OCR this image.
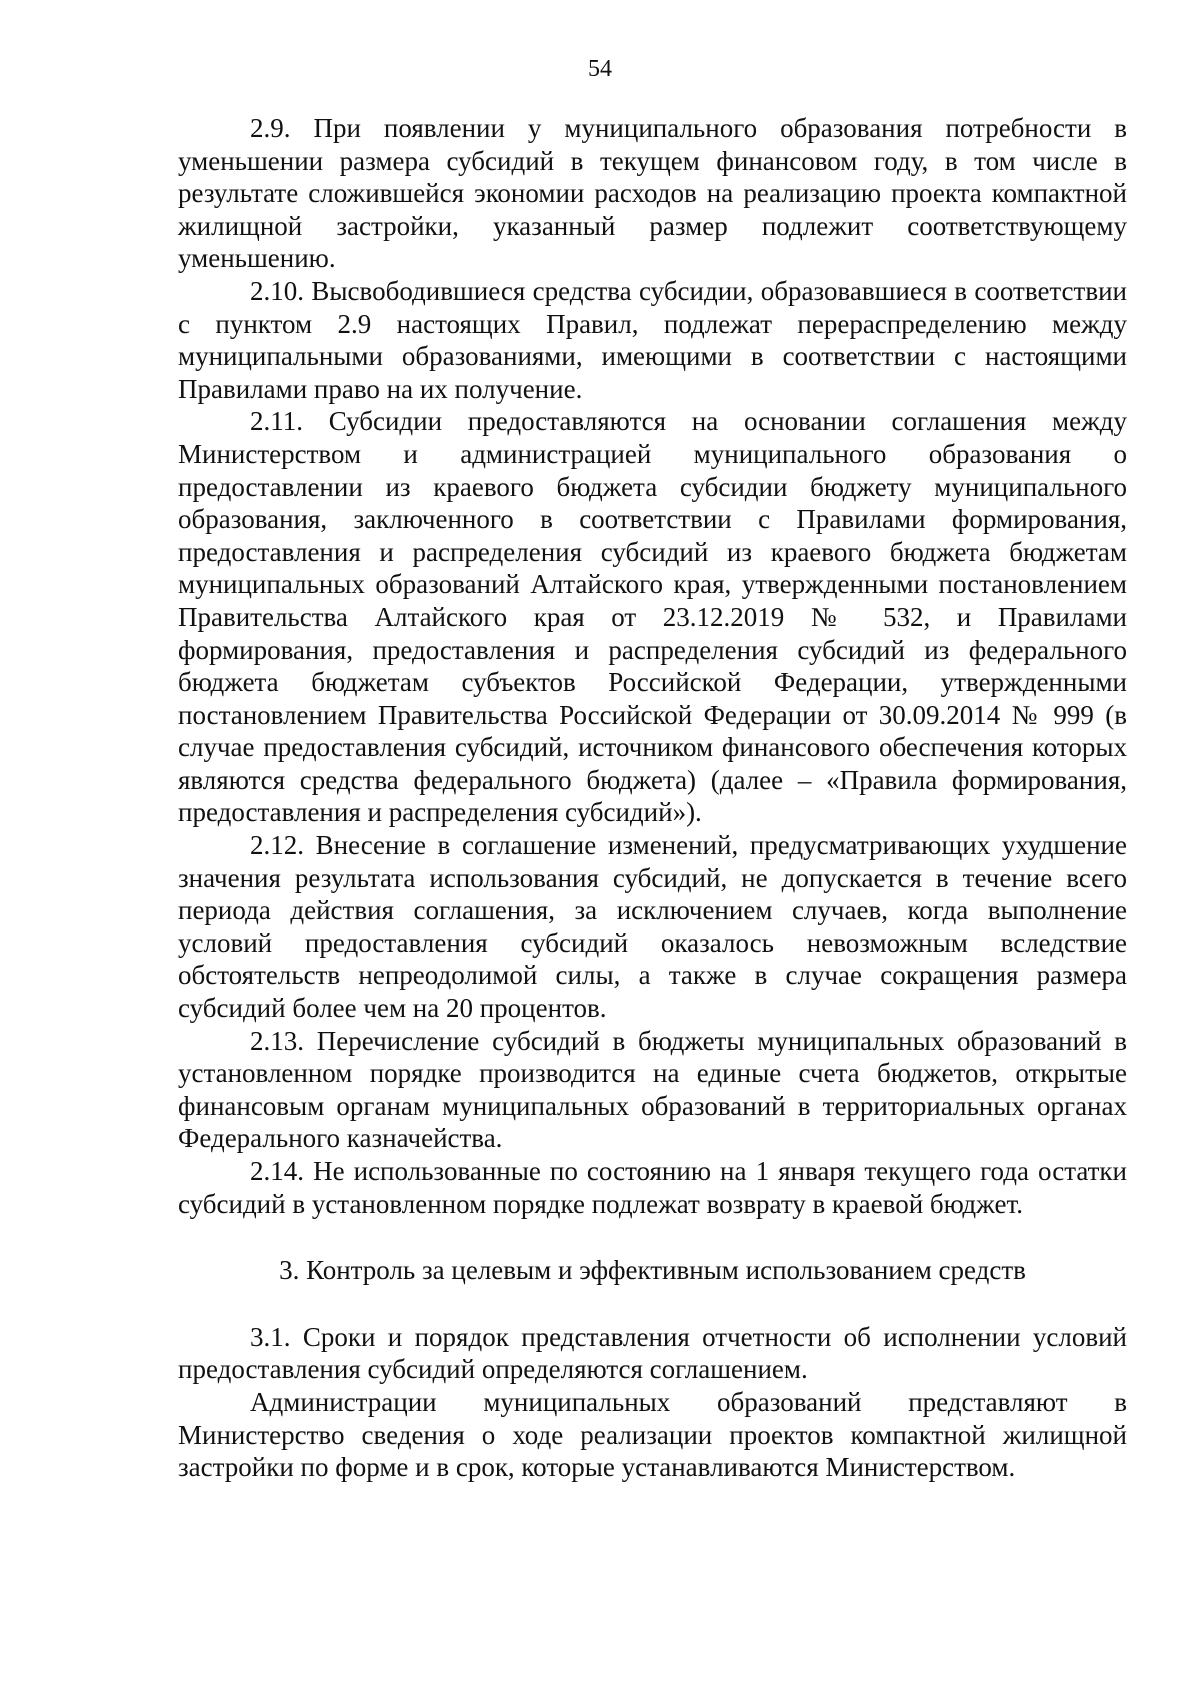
54

2.9. При появлении у муниципального образования потребности в уменьшении размера субсидий в текущем финансовом году, в том числе в результате сложившейся экономии расходов на реализацию проекта компактной жилищной застройки, указанный размер подлежит соответствующему уменьшению.

2.10. Высвободившиеся средства субсидии, образовавшиеся в соответствии с пунктом 2.9 настоящих Правил, подлежат перераспределению между муниципальными образованиями, имеющими в соответствии с настоящими Правилами право на их получение.

2.11. Субсидии предоставляются на основании соглашения между Министерством и администрацией муниципального образования о предоставлении из краевого бюджета субсидии бюджету муниципального образования, заключенного в соответствии с Правилами формирования, предоставления и распределения субсидий из краевого бюджета бюджетам муниципальных образований Алтайского края, утвержденными постановлением Правительства Алтайского края от 23.12.2019 № 532, и Правилами формирования, предоставления и распределения субсидий из федерального бюджета бюджетам субъектов Российской Федерации, утвержденными постановлением Правительства Российской Федерации от 30.09.2014 № 999 (в случае предоставления субсидий, источником финансового обеспечения которых являются средства федерального бюджета) (далее – «Правила формирования, предоставления и распределения субсидий»).

2.12. Внесение в соглашение изменений, предусматривающих ухудшение значения результата использования субсидий, не допускается в течение всего периода действия соглашения, за исключением случаев, когда выполнение условий предоставления субсидий оказалось невозможным вследствие обстоятельств непреодолимой силы, а также в случае сокращения размера субсидий более чем на 20 процентов.

2.13. Перечисление субсидий в бюджеты муниципальных образований в установленном порядке производится на единые счета бюджетов, открытые финансовым органам муниципальных образований в территориальных органах Федерального казначейства.

2.14. Не использованные по состоянию на 1 января текущего года остатки субсидий в установленном порядке подлежат возврату в краевой бюджет.

3. Контроль за целевым и эффективным использованием средств

3.1. Сроки и порядок представления отчетности об исполнении условий предоставления субсидий определяются соглашением.

Администрации муниципальных образований представляют в Министерство сведения о ходе реализации проектов компактной жилищной застройки по форме и в срок, которые устанавливаются Министерством.
